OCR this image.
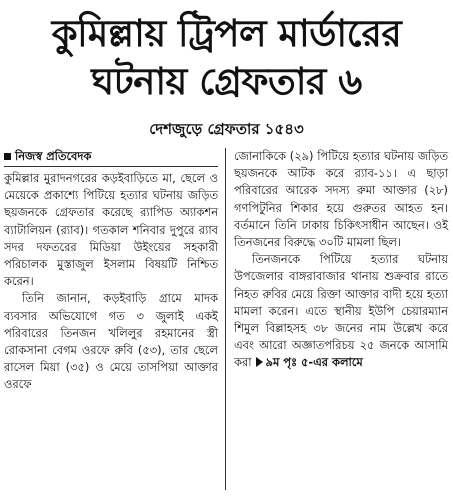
কুমিল্লায় ট্রিপল মার্ডারের
ঘটনায় গ্রেফতার ৬
দেশজুড়ে গ্রেফতার ১৫৪৩
নিজস্ব প্রতিবেদক

কুমিল্লার মুরাদনগরের কড়ইবাড়িতে মা, ছেলে ও মেয়েকে প্রকাশ্যে পিটিয়ে হত্যার ঘটনায় জড়িত ছয়জনকে গ্রেফতার করেছে র‍্যাপিড অ্যাকশন ব্যাটালিয়ন (র‍্যাব)। গতকাল শনিবার দুপুরে র‍্যাব সদর দফতরের মিডিয়া উইংয়ের সহকারী পরিচালক মুস্তাজুল ইসলাম বিষয়টি নিশ্চিত করেন।

তিনি জানান, কড়ইবাড়ি গ্রামে মাদক ব্যবসার অভিযোগে গত ৩ জুলাই একই পরিবারের তিনজন খলিলুর রহমানের স্ত্রী রোকসানা বেগম ওরফে রুবি (৫৩), তার ছেলে রাসেল মিয়া (৩৫) ও মেয়ে তাসপিয়া আক্তার ওরফে

জোনাকিকে (২৯) পিটিয়ে হত্যার ঘটনায় জড়িত ছয়জনকে আটক করে র‍্যাব-১১। এ ছাড়া পরিবারের আরেক সদস্য রুমা আক্তার (২৮) গণপিটুনির শিকার হয়ে গুরুতর আহত হন। বর্তমানে তিনি ঢাকায় চিকিৎসাধীন আছেন। ওই তিনজনের বিরুদ্ধে ৩০টি মামলা ছিল।

তিনজনকে পিটিয়ে হত্যার ঘটনায় উপজেলার বাঙ্গরাবাজার থানায় শুক্রবার রাতে নিহত রুবির মেয়ে রিক্তা আক্তার বাদী হয়ে হত্যা মামলা করেন। এতে স্থানীয় ইউপি চেয়ারম্যান শিমুল বিল্লাহসহ ৩৮ জনের নাম উল্লেখ করে এবং আরো অজ্ঞাতপরিচয় ২৫ জনকে আসামি করা ৯ম পৃঃ ৫-এর কলামে
